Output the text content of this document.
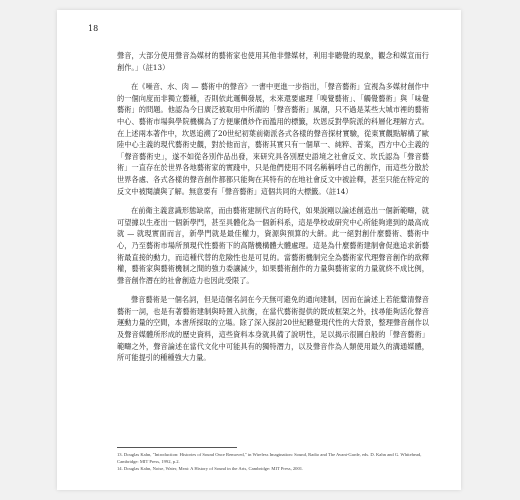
18

聲音，大部分使用聲音為媒材的藝術家也使用其他非聲媒材，利用非聽覺的現象，觀念和媒宣而行創作。」（註13）

在《噪音、水、肉 — 藝術中的聲音》一書中更進一步指出，「聲音藝術」宜視為多媒材創作中的一個向度而非獨立藝種，否則依此邏輯發展，未來還要處理「嗅覺藝術」、「觸覺藝術」與「味覺藝術」的問題。他認為今日廣泛被取用中所謂的「聲音藝術」風潮，只不過是某些大城市裡的藝術中心、藝術市場與學院機構為了方便廉價炒作而濫用的標籤，坎恩反對學院派的科層化理解方式。在上述兩本著作中，坎恩追溯了20世紀初葉前衛派各式各樣的聲音探材實驗，從東實觀點解構了歐陸中心主義的現代藝術史觀，對於他而言，藝術其實只有一個單一、純粹、普案，西方中心主義的「聲音藝術史」，遂不如從各別作品出發，來研究具各別歷史語境之社會反文、坎氏認為「聲音藝術」一直存在於世界各地藝術家的實踐中，只是他們使用不同名稱稱呼自己的創作，而這些分散於世界各處、各式各樣的聲音創作都都只能夠在其特有的在地社會反文中被詮釋，甚至只能在特定的反文中被閱讀與了解。無意要有「聲音藝術」這個共同的大標籤。（註14）

在前衛主義意識形態缺席，而由藝術建制代言的時代，如果說剛以論述創造出一個新範疇，就可望據以生產出一個新學門，甚至具體化為一個新科系，這是學校或研究中心所能夠達到的最高成就 — 就現實面而言，新學門就是最佳權力，資源與預算的大餅。此一絕對創什麼藝術、藝術中心，乃至藝術市場所預現代性藝術下的高階機構體大體處理。這是為什麼藝術建制會促進追求新藝術最直接的動力，而這種代替的危險性也是可見的。當藝術機制完全為藝術家代理聲音創作的欲釋權，藝術家與藝術機制之間的強力委讓減少，如果藝術創作的力量與藝術家的力量就終不成比例，聲音創作潛在的社會創造力也因此受限了。

聲音藝術是一個名詞，但是這個名詞在今天無可避免的通向建制，因而在論述上若能釐清聲音藝術一詞，也是有著藝術建制與時置入抗衡，在當代藝術提供的既成框架之外，找尋能夠活化聲音運動力量的空間，本書所採取的立場。除了深入探討20世紀聽覺現代性的大背景，整理聲音創作以及聲音媒體所形成的歷史資料，這些資料本身就具備了說明性，足以揭示很圖白般的「聲音藝術」範疇之外，聲音論述在當代文化中可能具有的獨特潛力，以及聲音作為人類使用最久的溝通媒體，所可能提引的種種強大力量。

13. Douglas Kahn, "Introduction: Histories of Sound Once Removed," in Wireless Imagination: Sound, Radio and The Avant-Garde, eds. D. Kahn and G. Whitehead, Cambridge: MIT Press, 1992, p.2.
14. Douglas Kahn, Noise, Water, Meat: A History of Sound in the Arts, Cambridge: MIT Press, 2001.
